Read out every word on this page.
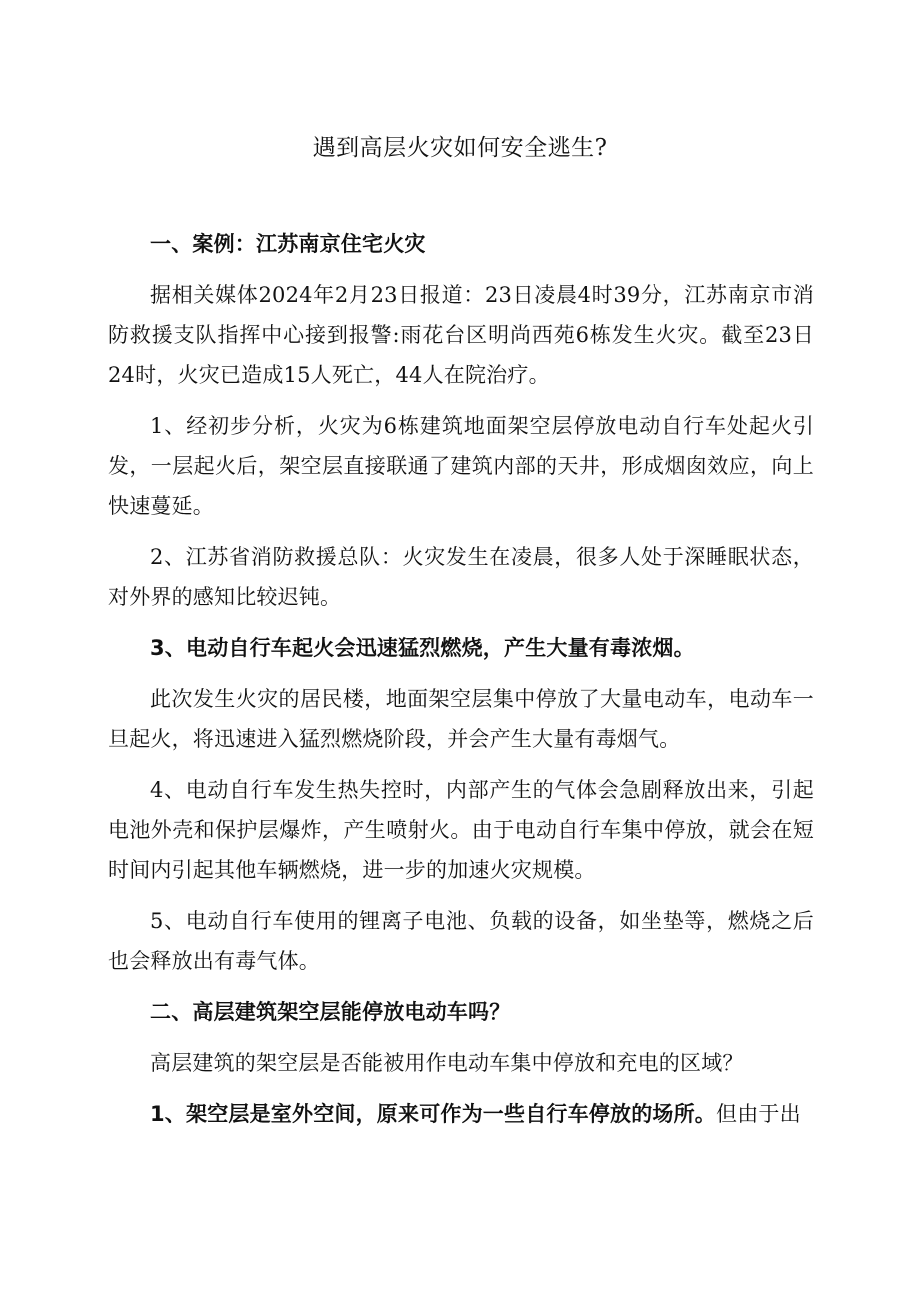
遇到高层火灾如何安全逃生?

一、案例：江苏南京住宅火灾

据相关媒体2024年2月23日报道：23日凌晨4时39分，江苏南京市消防救援支队指挥中心接到报警:雨花台区明尚西苑6栋发生火灾。截至23日24时，火灾已造成15人死亡，44人在院治疗。

1、经初步分析，火灾为6栋建筑地面架空层停放电动自行车处起火引发，一层起火后，架空层直接联通了建筑内部的天井，形成烟囱效应，向上快速蔓延。

2、江苏省消防救援总队：火灾发生在凌晨，很多人处于深睡眠状态，对外界的感知比较迟钝。

3、电动自行车起火会迅速猛烈燃烧，产生大量有毒浓烟。

此次发生火灾的居民楼，地面架空层集中停放了大量电动车，电动车一旦起火，将迅速进入猛烈燃烧阶段，并会产生大量有毒烟气。

4、电动自行车发生热失控时，内部产生的气体会急剧释放出来，引起电池外壳和保护层爆炸，产生喷射火。由于电动自行车集中停放，就会在短时间内引起其他车辆燃烧，进一步的加速火灾规模。

5、电动自行车使用的锂离子电池、负载的设备，如坐垫等，燃烧之后也会释放出有毒气体。

二、高层建筑架空层能停放电动车吗？

高层建筑的架空层是否能被用作电动车集中停放和充电的区域？

1、架空层是室外空间，原来可作为一些自行车停放的场所。但由于出
